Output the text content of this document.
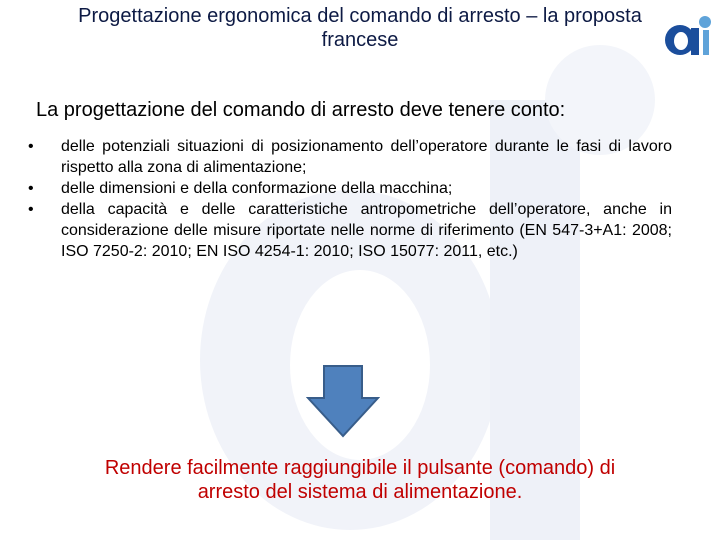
Progettazione ergonomica del comando di arresto – la proposta
francese
La progettazione del comando di arresto deve tenere conto:
• delle potenziali situazioni di posizionamento dell’operatore durante le fasi di lavoro rispetto alla zona di alimentazione;
• delle dimensioni e della conformazione della macchina;
• della capacità e delle caratteristiche antropometriche dell’operatore, anche in considerazione delle misure riportate nelle norme di riferimento (EN 547-3+A1: 2008; ISO 7250-2: 2010; EN ISO 4254-1: 2010; ISO 15077: 2011, etc.)
Rendere facilmente raggiungibile il pulsante (comando) di
arresto del sistema di alimentazione.
